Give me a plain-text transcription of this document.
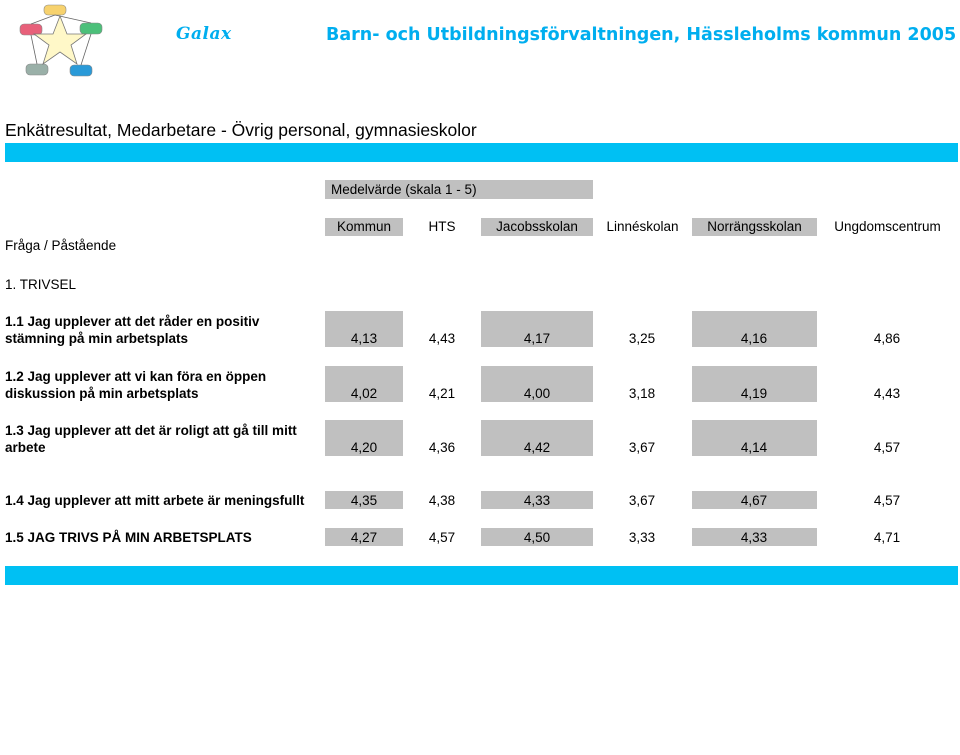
Galax	Barn- och Utbildningsförvaltningen, Hässleholms kommun 2005
Enkätresultat, Medarbetare - Övrig personal, gymnasieskolor
Medelvärde (skala 1 - 5)
Kommun	HTS	Jacobsskolan	Linnéskolan	Norrängsskolan	Ungdomscentrum
Fråga / Påstående
1. TRIVSEL
1.1 Jag upplever att det råder en positiv
stämning på min arbetsplats	4,13	4,43	4,17	3,25	4,16	4,86
1.2 Jag upplever att vi kan föra en öppen
diskussion på min arbetsplats	4,02	4,21	4,00	3,18	4,19	4,43
1.3 Jag upplever att det är roligt att gå till mitt
arbete	4,20	4,36	4,42	3,67	4,14	4,57
1.4 Jag upplever att mitt arbete är meningsfullt	4,35	4,38	4,33	3,67	4,67	4,57
1.5 JAG TRIVS PÅ MIN ARBETSPLATS	4,27	4,57	4,50	3,33	4,33	4,71
